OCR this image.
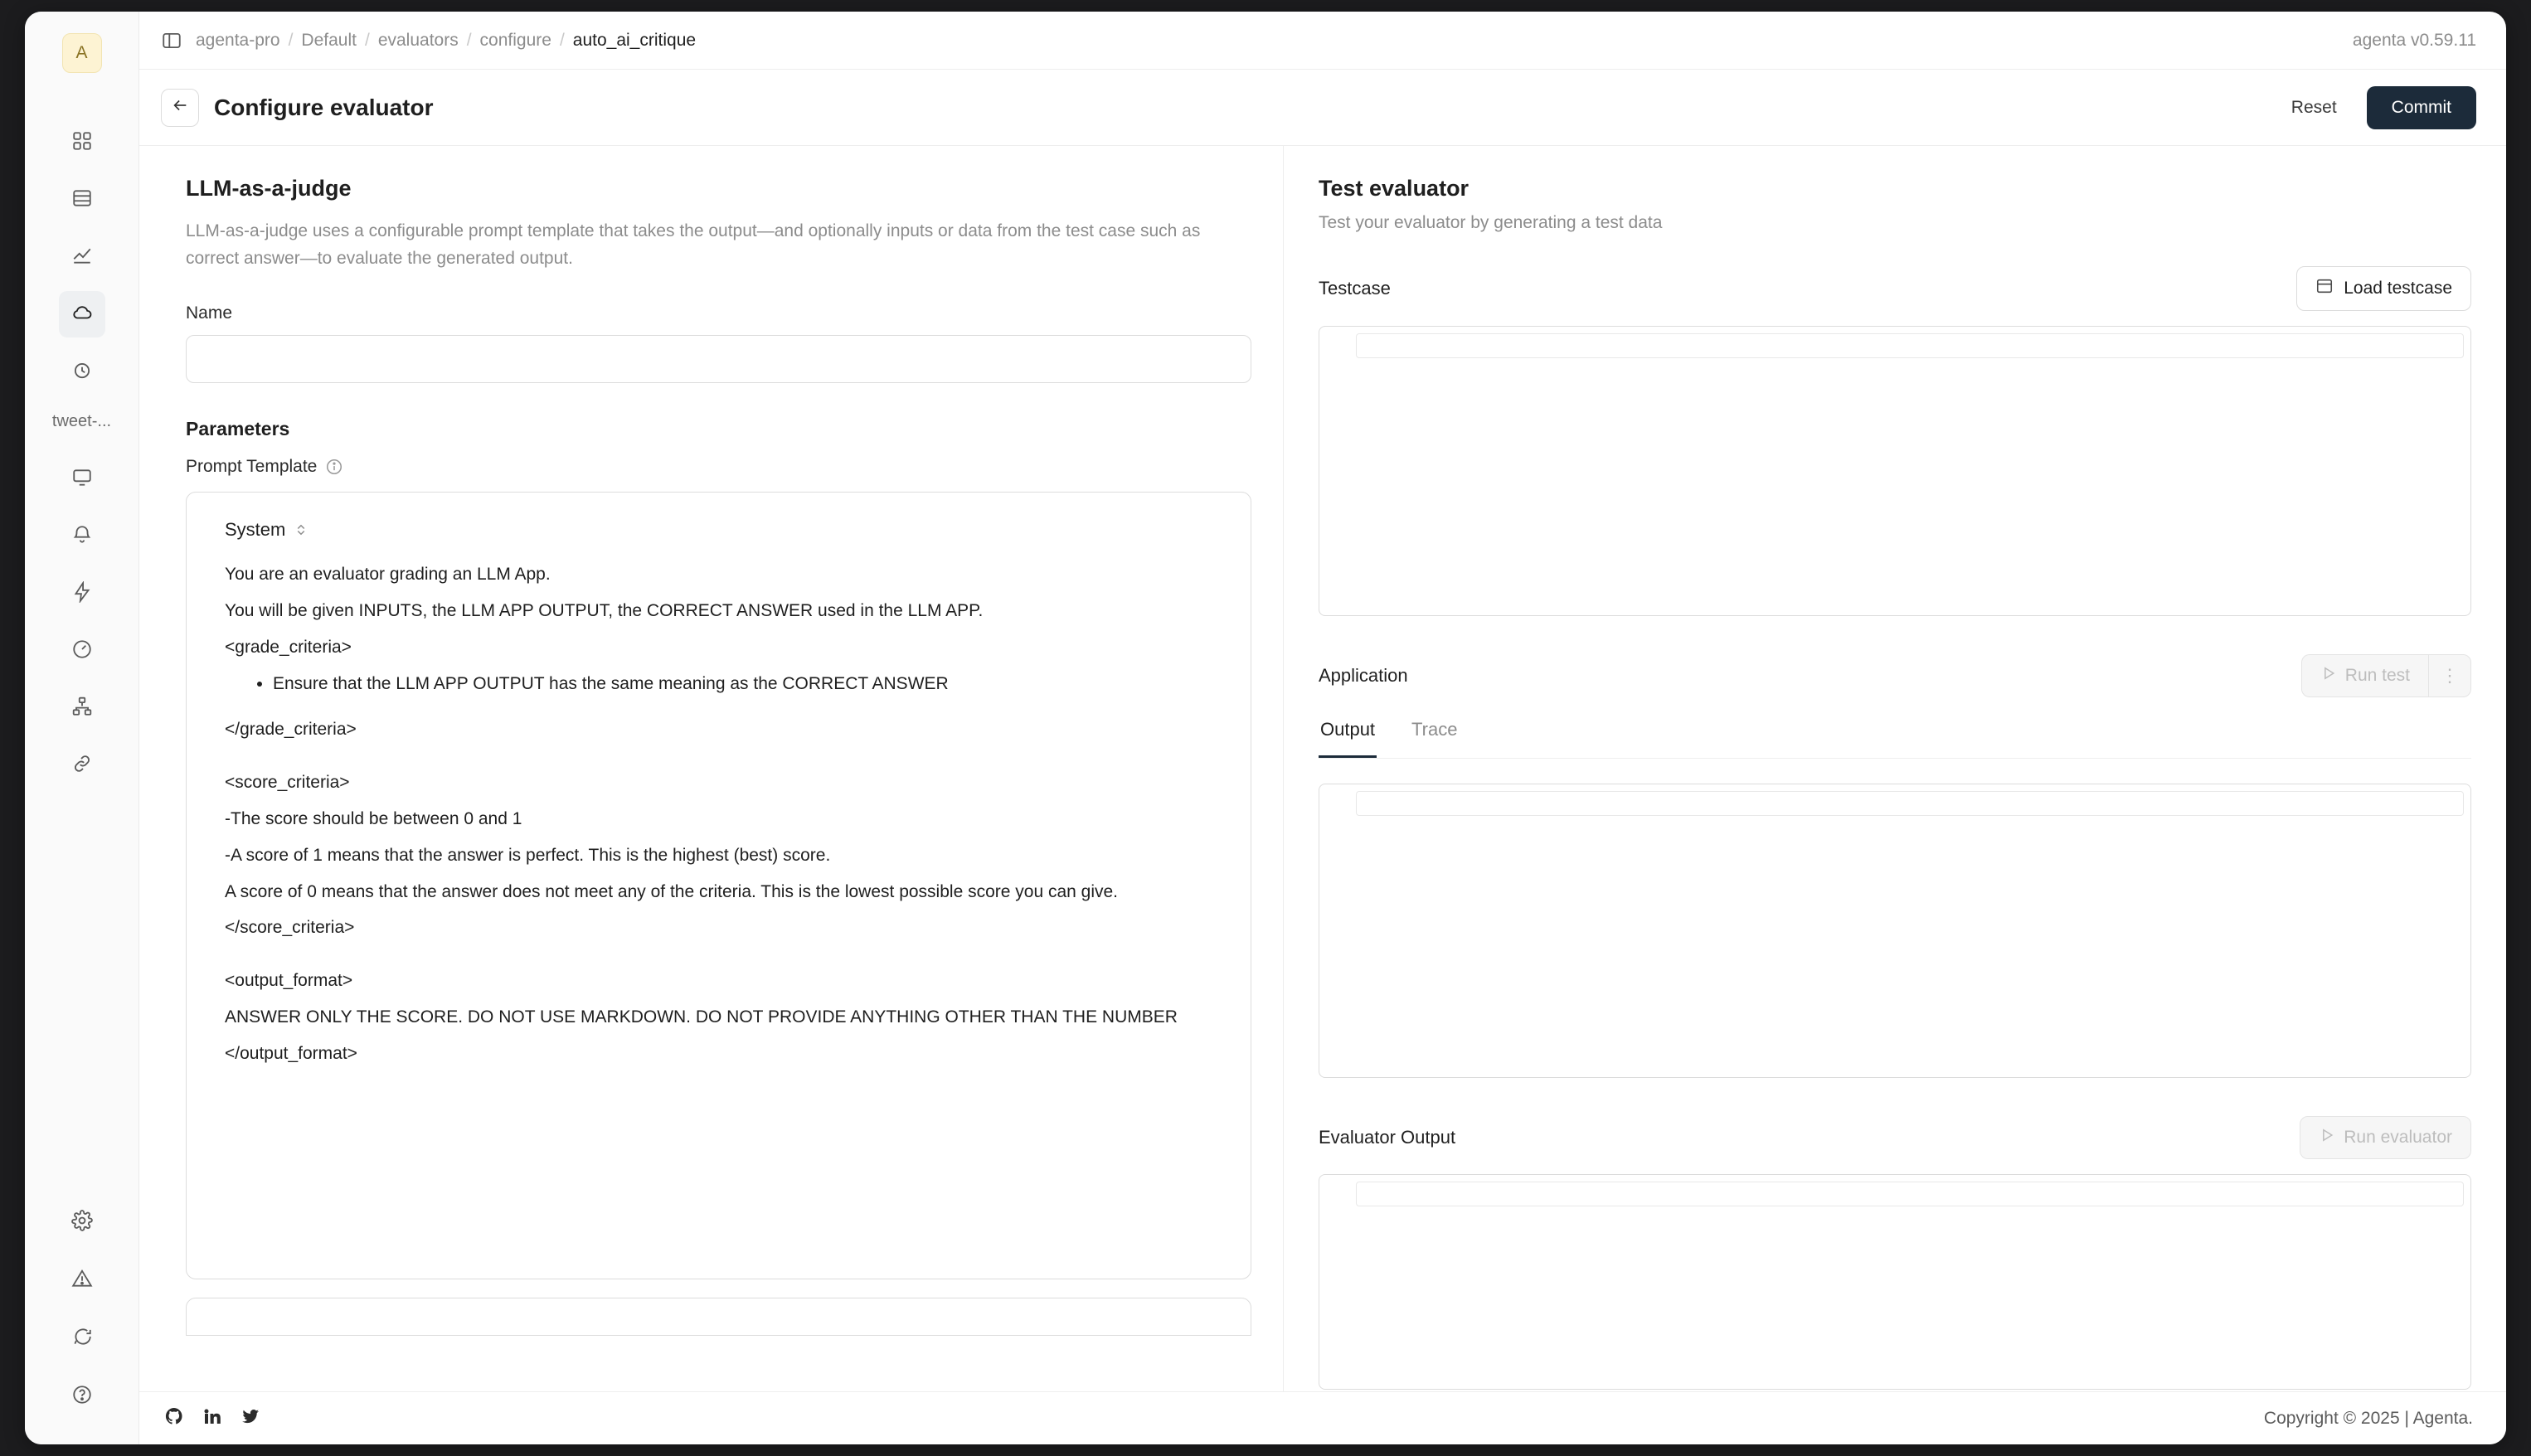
A
tweet-...
agenta-pro / Default / evaluators / configure / auto_ai_critique	agenta v0.59.11
Configure evaluator	Reset	Commit
LLM-as-a-judge

LLM-as-a-judge uses a configurable prompt template that takes the output—and optionally inputs or data from the test case such as correct answer—to evaluate the generated output.

Name
Parameters
Prompt Template
System

You are an evaluator grading an LLM App.

You will be given INPUTS, the LLM APP OUTPUT, the CORRECT ANSWER used in the LLM APP.

<grade_criteria>

• Ensure that the LLM APP OUTPUT has the same meaning as the CORRECT ANSWER

</grade_criteria>

<score_criteria>

-The score should be between 0 and 1

-A score of 1 means that the answer is perfect. This is the highest (best) score.

A score of 0 means that the answer does not meet any of the criteria. This is the lowest possible score you can give.

</score_criteria>

<output_format>

ANSWER ONLY THE SCORE. DO NOT USE MARKDOWN. DO NOT PROVIDE ANYTHING OTHER THAN THE NUMBER

</output_format>

Test evaluator

Test your evaluator by generating a test data

Testcase	Load testcase
Application	Run test	⋮
Output Trace
Evaluator Output	Run evaluator
Copyright © 2025 | Agenta.
